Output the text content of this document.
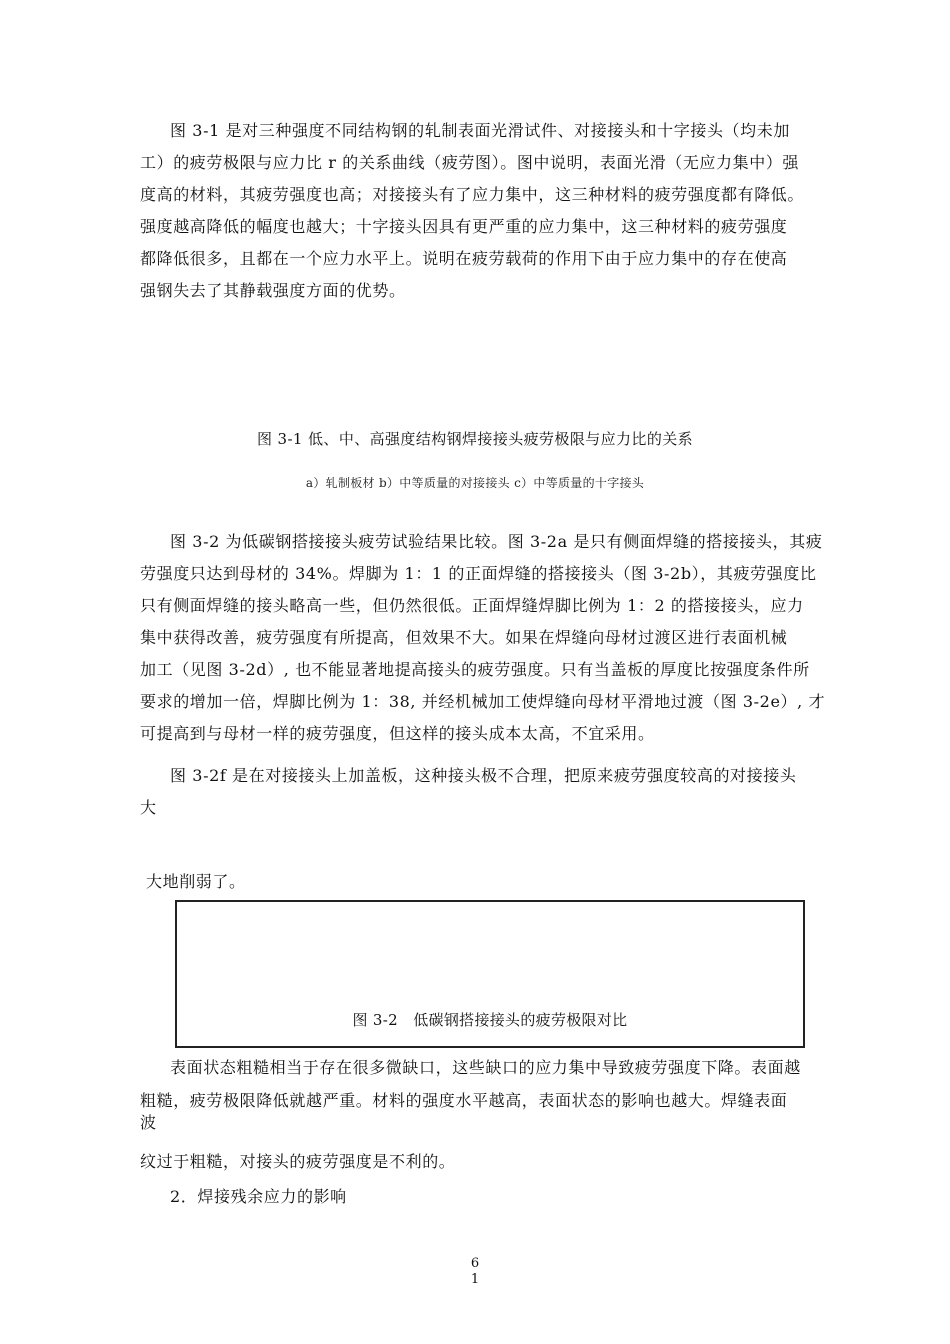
图 3-1 是对三种强度不同结构钢的轧制表面光滑试件、对接接头和十字接头（均未加
工）的疲劳极限与应力比 r 的关系曲线（疲劳图）。图中说明，表面光滑（无应力集中）强
度高的材料，其疲劳强度也高；对接接头有了应力集中，这三种材料的疲劳强度都有降低。
强度越高降低的幅度也越大；十字接头因具有更严重的应力集中，这三种材料的疲劳强度
都降低很多，且都在一个应力水平上。说明在疲劳载荷的作用下由于应力集中的存在使高
强钢失去了其静载强度方面的优势。
图 3-1 低、中、高强度结构钢焊接接头疲劳极限与应力比的关系
a）轧制板材 b）中等质量的对接接头 c）中等质量的十字接头
图 3-2 为低碳钢搭接接头疲劳试验结果比较。图 3-2a 是只有侧面焊缝的搭接接头，其疲
劳强度只达到母材的 34%。焊脚为 1：1 的正面焊缝的搭接接头（图 3-2b），其疲劳强度比
只有侧面焊缝的接头略高一些，但仍然很低。正面焊缝焊脚比例为 1：2 的搭接接头，应力
集中获得改善，疲劳强度有所提高，但效果不大。如果在焊缝向母材过渡区进行表面机械
加工（见图 3-2d）, 也不能显著地提高接头的疲劳强度。只有当盖板的厚度比按强度条件所
要求的增加一倍，焊脚比例为 1：38, 并经机械加工使焊缝向母材平滑地过渡（图 3-2e）, 才
可提高到与母材一样的疲劳强度，但这样的接头成本太高，不宜采用。
图 3-2f 是在对接接头上加盖板，这种接头极不合理，把原来疲劳强度较高的对接接头
大
大地削弱了。
图 3-2　低碳钢搭接接头的疲劳极限对比
表面状态粗糙相当于存在很多微缺口，这些缺口的应力集中导致疲劳强度下降。表面越
粗糙，疲劳极限降低就越严重。材料的强度水平越高，表面状态的影响也越大。焊缝表面
波
纹过于粗糙，对接头的疲劳强度是不利的。
2．焊接残余应力的影响
6
1
